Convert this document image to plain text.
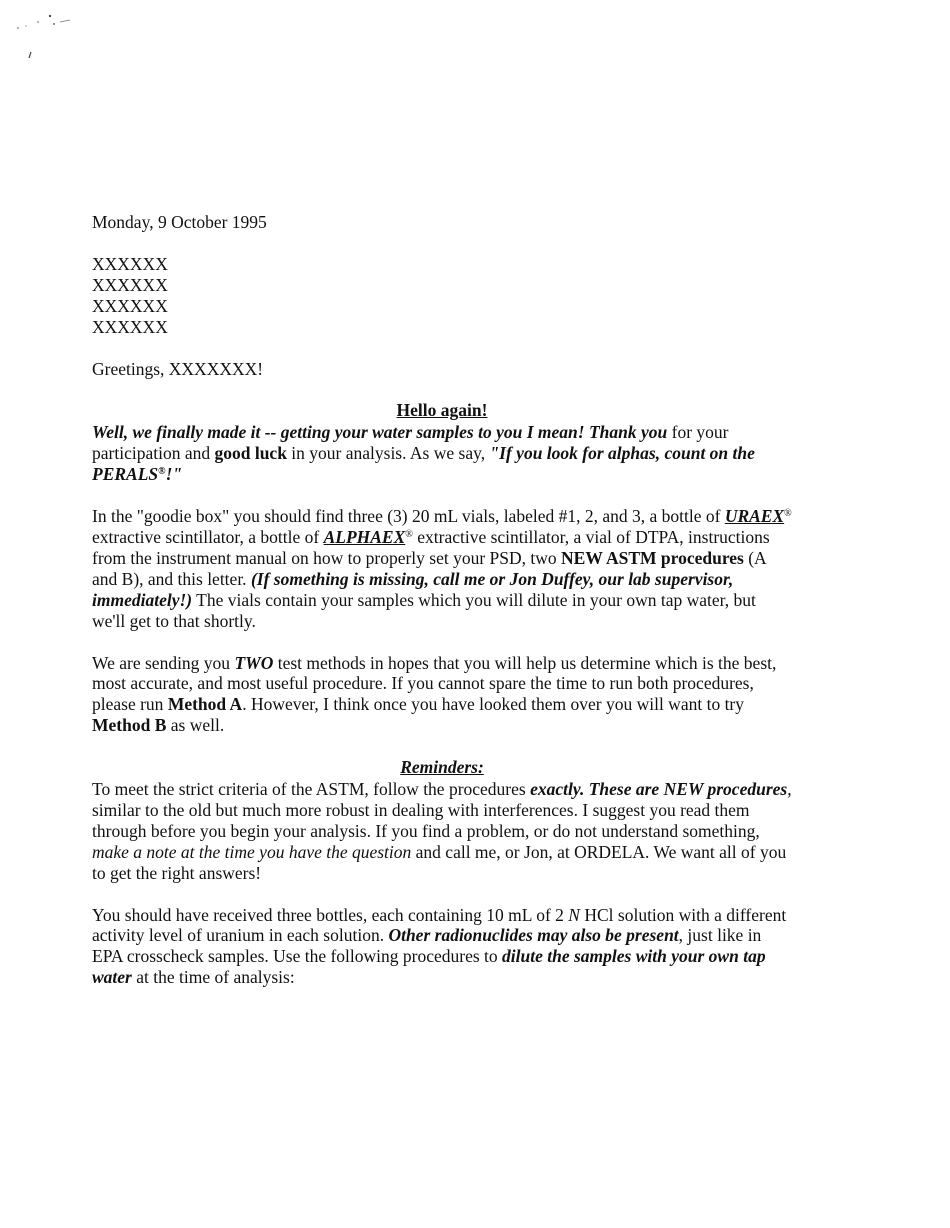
Monday, 9 October 1995

XXXXXX

XXXXXX

XXXXXX

XXXXXX

Greetings, XXXXXXX!

Hello again!

Well, we finally made it -- getting your water samples to you I mean! Thank you for your participation and good luck in your analysis. As we say, "If you look for alphas, count on the PERALS®!"

In the "goodie box" you should find three (3) 20 mL vials, labeled #1, 2, and 3, a bottle of URAEX® extractive scintillator, a bottle of ALPHAEX® extractive scintillator, a vial of DTPA, instructions from the instrument manual on how to properly set your PSD, two NEW ASTM procedures (A and B), and this letter. (If something is missing, call me or Jon Duffey, our lab supervisor, immediately!) The vials contain your samples which you will dilute in your own tap water, but we'll get to that shortly.

We are sending you TWO test methods in hopes that you will help us determine which is the best, most accurate, and most useful procedure. If you cannot spare the time to run both procedures, please run Method A. However, I think once you have looked them over you will want to try Method B as well.

Reminders:

To meet the strict criteria of the ASTM, follow the procedures exactly. These are NEW procedures, similar to the old but much more robust in dealing with interferences. I suggest you read them through before you begin your analysis. If you find a problem, or do not understand something, make a note at the time you have the question and call me, or Jon, at ORDELA. We want all of you to get the right answers!

You should have received three bottles, each containing 10 mL of 2 N HCl solution with a different activity level of uranium in each solution. Other radionuclides may also be present, just like in EPA crosscheck samples. Use the following procedures to dilute the samples with your own tap water at the time of analysis:
